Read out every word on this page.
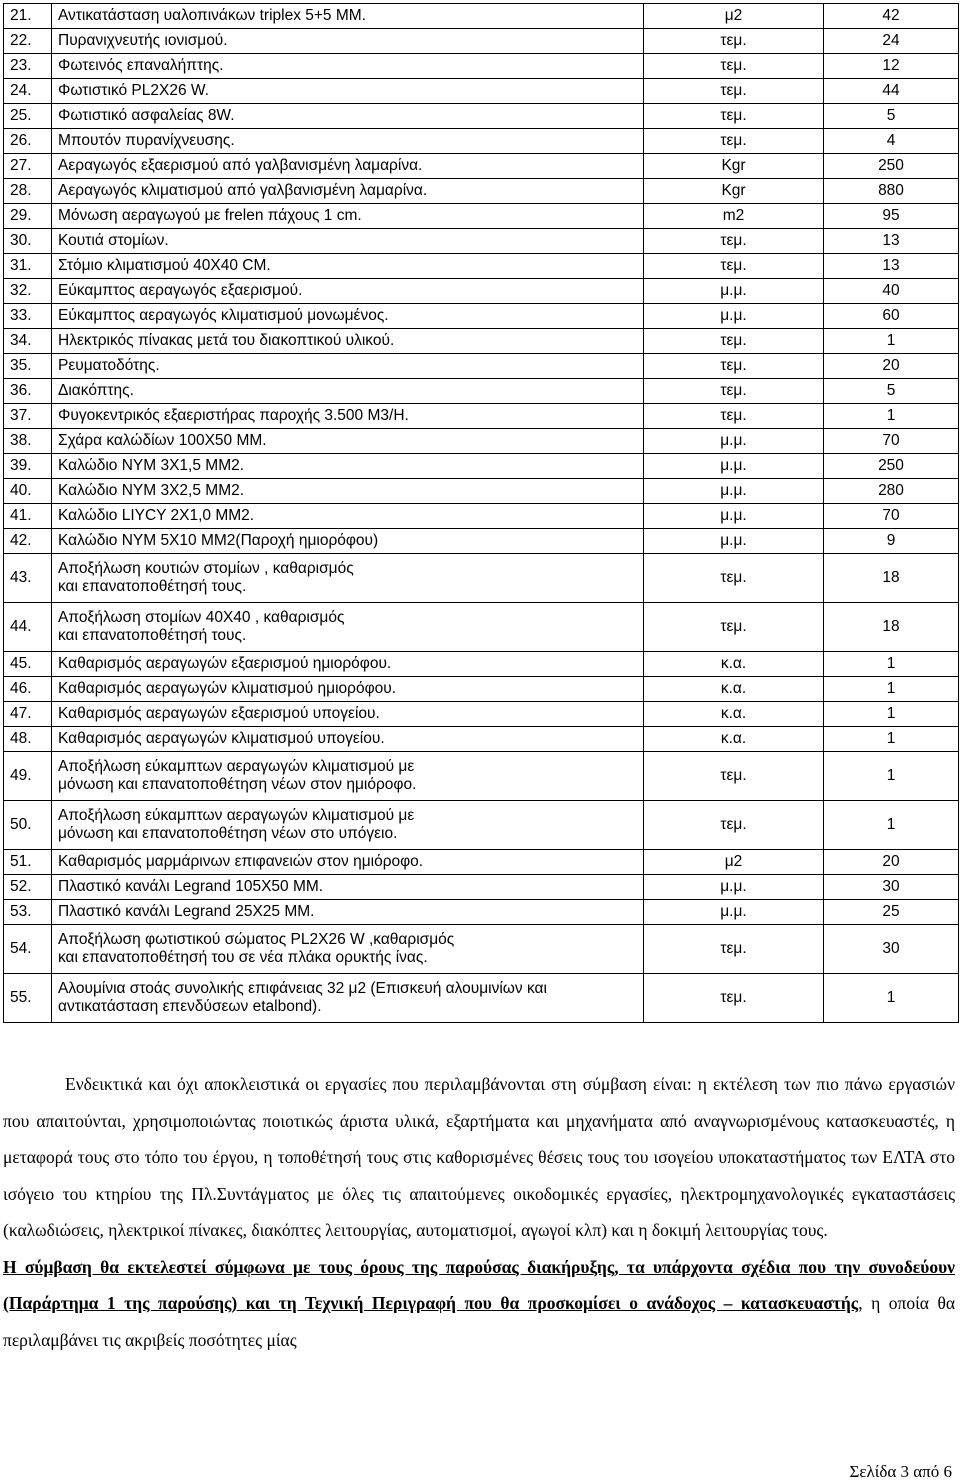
21.	Αντικατάσταση υαλοπινάκων triplex 5+5 MM.	μ2	42
22.	Πυρανιχνευτής ιονισμού.	τεμ.	24
23.	Φωτεινός επαναλήπτης.	τεμ.	12
24.	Φωτιστικό PL2X26 W.	τεμ.	44
25.	Φωτιστικό ασφαλείας 8W.	τεμ.	5
26.	Μπουτόν πυρανίχνευσης.	τεμ.	4
27.	Αεραγωγός εξαερισμού από γαλβανισμένη λαμαρίνα.	Kgr	250
28.	Αεραγωγός κλιματισμού από γαλβανισμένη λαμαρίνα.	Kgr	880
29.	Μόνωση αεραγωγού με frelen πάχους 1 cm.	m2	95
30.	Κουτιά στομίων.	τεμ.	13
31.	Στόμιο κλιματισμού 40X40 CM.	τεμ.	13
32.	Εύκαμπτος αεραγωγός εξαερισμού.	μ.μ.	40
33.	Εύκαμπτος αεραγωγός κλιματισμού μονωμένος.	μ.μ.	60
34.	Ηλεκτρικός πίνακας μετά του διακοπτικού υλικού.	τεμ.	1
35.	Ρευματοδότης.	τεμ.	20
36.	Διακόπτης.	τεμ.	5
37.	Φυγοκεντρικός εξαεριστήρας παροχής 3.500 M3/H.	τεμ.	1
38.	Σχάρα καλώδίων 100X50 MM.	μ.μ.	70
39.	Καλώδιο NYM 3X1,5 MM2.	μ.μ.	250
40.	Καλώδιο NYM 3X2,5 MM2.	μ.μ.	280
41.	Καλώδιο LIYCY 2X1,0 MM2.	μ.μ.	70
42.	Καλώδιο NYM 5X10 MM2(Παροχή ημιορόφου)	μ.μ.	9
43.	Αποξήλωση κουτιών στομίων , καθαρισμός
και επανατοποθέτησή τους.	τεμ.	18
44.	Αποξήλωση στομίων 40X40 , καθαρισμός
και επανατοποθέτησή τους.	τεμ.	18
45.	Καθαρισμός αεραγωγών εξαερισμού ημιορόφου.	κ.α.	1
46.	Καθαρισμός αεραγωγών κλιματισμού ημιορόφου.	κ.α.	1
47.	Καθαρισμός αεραγωγών εξαερισμού υπογείου.	κ.α.	1
48.	Καθαρισμός αεραγωγών κλιματισμού υπογείου.	κ.α.	1
49.	Αποξήλωση εύκαμπτων αεραγωγών κλιματισμού με
μόνωση και επανατοποθέτηση νέων στον ημιόροφο.	τεμ.	1
50.	Αποξήλωση εύκαμπτων αεραγωγών κλιματισμού με
μόνωση και επανατοποθέτηση νέων στο υπόγειο.	τεμ.	1
51.	Καθαρισμός μαρμάρινων επιφανειών στον ημιόροφο.	μ2	20
52.	Πλαστικό κανάλι Legrand 105X50 MM.	μ.μ.	30
53.	Πλαστικό κανάλι Legrand 25X25 MM.	μ.μ.	25
54.	Αποξήλωση φωτιστικού σώματος PL2X26 W ,καθαρισμός
και επανατοποθέτησή του σε νέα πλάκα ορυκτής ίνας.	τεμ.	30
55.	Αλουμίνια στοάς συνολικής επιφάνειας 32 μ2 (Επισκευή αλουμινίων και
αντικατάσταση επενδύσεων etalbond).	τεμ.	1

Ενδεικτικά και όχι αποκλειστικά οι εργασίες που περιλαμβάνονται στη σύμβαση είναι: η εκτέλεση των πιο πάνω εργασιών που απαιτούνται, χρησιμοποιώντας ποιοτικώς άριστα υλικά, εξαρτήματα και μηχανήματα από αναγνωρισμένους κατασκευαστές, η μεταφορά τους στο τόπο του έργου, η τοποθέτησή τους στις καθορισμένες θέσεις τους του ισογείου υποκαταστήματος των ΕΛΤΑ στο ισόγειο του κτηρίου της Πλ.Συντάγματος με όλες τις απαιτούμενες οικοδομικές εργασίες, ηλεκτρομηχανολογικές εγκαταστάσεις (καλωδιώσεις, ηλεκτρικοί πίνακες, διακόπτες λειτουργίας, αυτοματισμοί, αγωγοί κλπ) και η δοκιμή λειτουργίας τους.

Η σύμβαση θα εκτελεστεί σύμφωνα με τους όρους της παρούσας διακήρυξης, τα υπάρχοντα σχέδια που την συνοδεύουν (Παράρτημα 1 της παρούσης) και τη Τεχνική Περιγραφή που θα προσκομίσει ο ανάδοχος – κατασκευαστής, η οποία θα περιλαμβάνει τις ακριβείς ποσότητες μίας

Σελίδα 3 από 6
